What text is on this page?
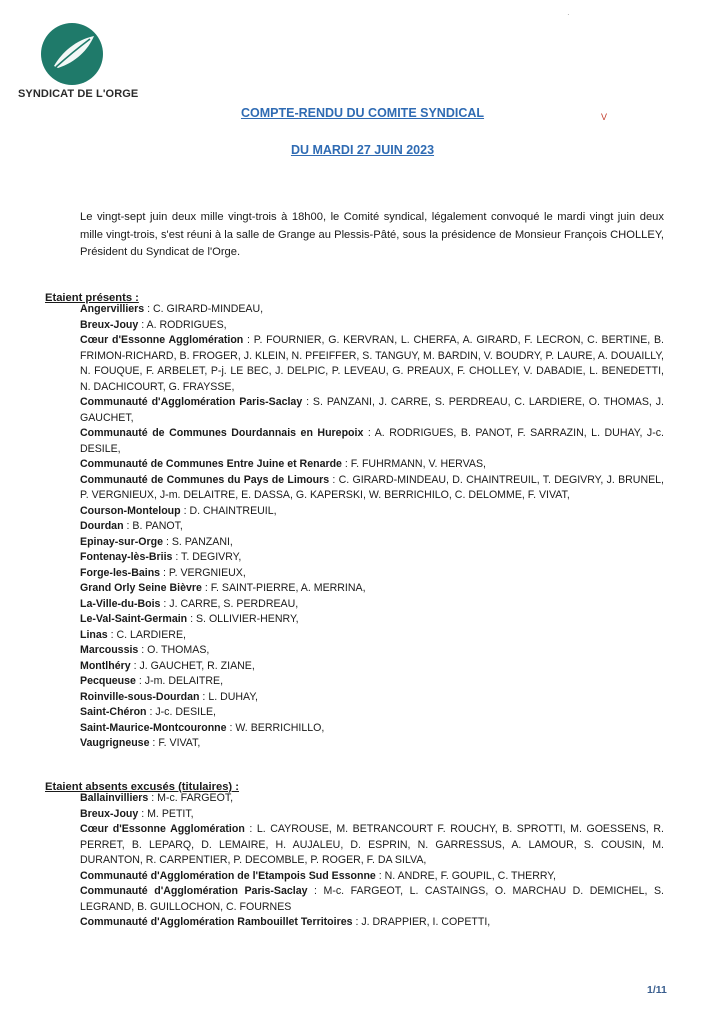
·
SYNDICAT DE L'ORGE
COMPTE-RENDU DU COMITE SYNDICAL
DU MARDI 27 JUIN 2023
V
Le vingt-sept juin deux mille vingt-trois à 18h00, le Comité syndical, légalement convoqué le mardi vingt juin deux mille vingt-trois, s'est réuni à la salle de Grange au Plessis-Pâté, sous la présidence de Monsieur François CHOLLEY, Président du Syndicat de l'Orge.
Etaient présents :
Angervilliers : C. GIRARD-MINDEAU,
Breux-Jouy : A. RODRIGUES,
Cœur d'Essonne Agglomération : P. FOURNIER, G. KERVRAN, L. CHERFA, A. GIRARD, F. LECRON, C. BERTINE, B. FRIMON-RICHARD, B. FROGER, J. KLEIN, N. PFEIFFER, S. TANGUY, M. BARDIN, V. BOUDRY, P. LAURE, A. DOUAILLY, N. FOUQUE, F. ARBELET, P-j. LE BEC, J. DELPIC, P. LEVEAU, G. PREAUX, F. CHOLLEY, V. DABADIE, L. BENEDETTI, N. DACHICOURT, G. FRAYSSE,
Communauté d'Agglomération Paris-Saclay : S. PANZANI, J. CARRE, S. PERDREAU, C. LARDIERE, O. THOMAS, J. GAUCHET,
Communauté de Communes Dourdannais en Hurepoix : A. RODRIGUES, B. PANOT, F. SARRAZIN, L. DUHAY, J-c. DESILE,
Communauté de Communes Entre Juine et Renarde : F. FUHRMANN, V. HERVAS,
Communauté de Communes du Pays de Limours : C. GIRARD-MINDEAU, D. CHAINTREUIL, T. DEGIVRY, J. BRUNEL, P. VERGNIEUX, J-m. DELAITRE, E. DASSA, G. KAPERSKI, W. BERRICHILO, C. DELOMME, F. VIVAT,
Courson-Monteloup : D. CHAINTREUIL,
Dourdan : B. PANOT,
Epinay-sur-Orge : S. PANZANI,
Fontenay-lès-Briis : T. DEGIVRY,
Forge-les-Bains : P. VERGNIEUX,
Grand Orly Seine Bièvre : F. SAINT-PIERRE, A. MERRINA,
La-Ville-du-Bois : J. CARRE, S. PERDREAU,
Le-Val-Saint-Germain : S. OLLIVIER-HENRY,
Linas : C. LARDIERE,
Marcoussis : O. THOMAS,
Montlhéry : J. GAUCHET, R. ZIANE,
Pecqueuse : J-m. DELAITRE,
Roinville-sous-Dourdan : L. DUHAY,
Saint-Chéron : J-c. DESILE,
Saint-Maurice-Montcouronne : W. BERRICHILLO,
Vaugrigneuse : F. VIVAT,
Etaient absents excusés (titulaires) :
Ballainvilliers : M-c. FARGEOT,
Breux-Jouy : M. PETIT,
Cœur d'Essonne Agglomération : L. CAYROUSE, M. BETRANCOURT F. ROUCHY, B. SPROTTI, M. GOESSENS, R. PERRET, B. LEPARQ, D. LEMAIRE, H. AUJALEU, D. ESPRIN, N. GARRESSUS, A. LAMOUR, S. COUSIN, M. DURANTON, R. CARPENTIER, P. DECOMBLE, P. ROGER, F. DA SILVA,
Communauté d'Agglomération de l'Etampois Sud Essonne : N. ANDRE, F. GOUPIL, C. THERRY,
Communauté d'Agglomération Paris-Saclay : M-c. FARGEOT, L. CASTAINGS, O. MARCHAU D. DEMICHEL, S. LEGRAND, B. GUILLOCHON, C. FOURNES
Communauté d'Agglomération Rambouillet Territoires : J. DRAPPIER, I. COPETTI,
1/11
